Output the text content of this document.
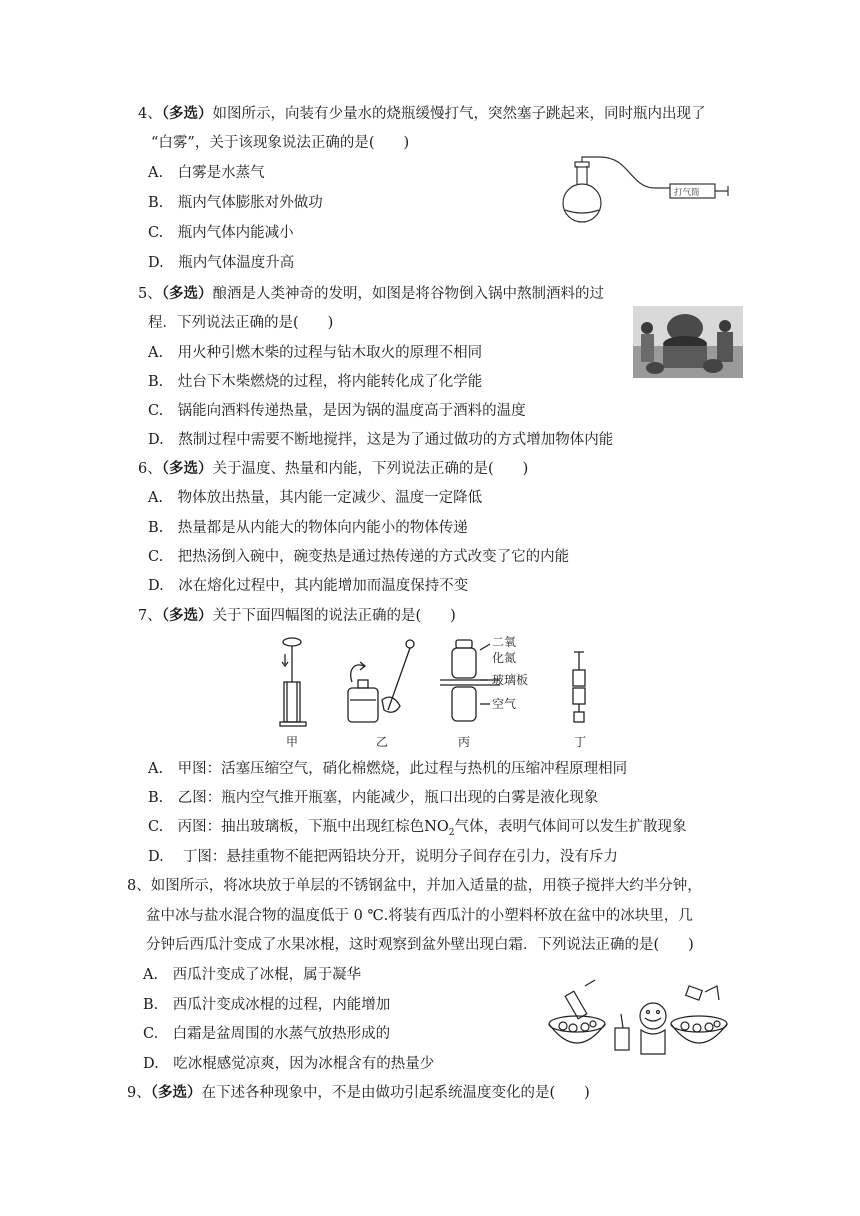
4、（多选）如图所示，向装有少量水的烧瓶缓慢打气，突然塞子跳起来，同时瓶内出现了
“白雾”，关于该现象说法正确的是(　　)
A.　白雾是水蒸气
B.　瓶内气体膨胀对外做功
C.　瓶内气体内能减小
D.　瓶内气体温度升高
打气筒
5、（多选）酿酒是人类神奇的发明，如图是将谷物倒入锅中熬制酒料的过
程．下列说法正确的是(　　)
A.　用火种引燃木柴的过程与钻木取火的原理不相同
B.　灶台下木柴燃烧的过程，将内能转化成了化学能
C.　锅能向酒料传递热量，是因为锅的温度高于酒料的温度
D.　熬制过程中需要不断地搅拌，这是为了通过做功的方式增加物体内能
6、（多选）关于温度、热量和内能，下列说法正确的是(　　)
A.　物体放出热量，其内能一定减少、温度一定降低
B.　热量都是从内能大的物体向内能小的物体传递
C.　把热汤倒入碗中，碗变热是通过热传递的方式改变了它的内能
D.　冰在熔化过程中，其内能增加而温度保持不变
7、（多选）关于下面四幅图的说法正确的是(　　)
二氧
化氮
玻璃板
空气
甲	乙	丙	丁
A.　甲图：活塞压缩空气，硝化棉燃烧，此过程与热机的压缩冲程原理相同
B.　乙图：瓶内空气推开瓶塞，内能减少，瓶口出现的白雾是液化现象
C.　丙图：抽出玻璃板，下瓶中出现红棕色$NO_2$气体，表明气体间可以发生扩散现象
D.　 丁图：悬挂重物不能把两铅块分开，说明分子间存在引力，没有斥力
8、如图所示，将冰块放于单层的不锈钢盆中，并加入适量的盐，用筷子搅拌大约半分钟，
盆中冰与盐水混合物的温度低于 0 ℃.将装有西瓜汁的小塑料杯放在盆中的冰块里，几
分钟后西瓜汁变成了水果冰棍，这时观察到盆外壁出现白霜．下列说法正确的是(　　)
A.　西瓜汁变成了冰棍，属于凝华
B.　西瓜汁变成冰棍的过程，内能增加
C.　白霜是盆周围的水蒸气放热形成的
D.　吃冰棍感觉凉爽，因为冰棍含有的热量少
9、（多选）在下述各种现象中，不是由做功引起系统温度变化的是(　　)
